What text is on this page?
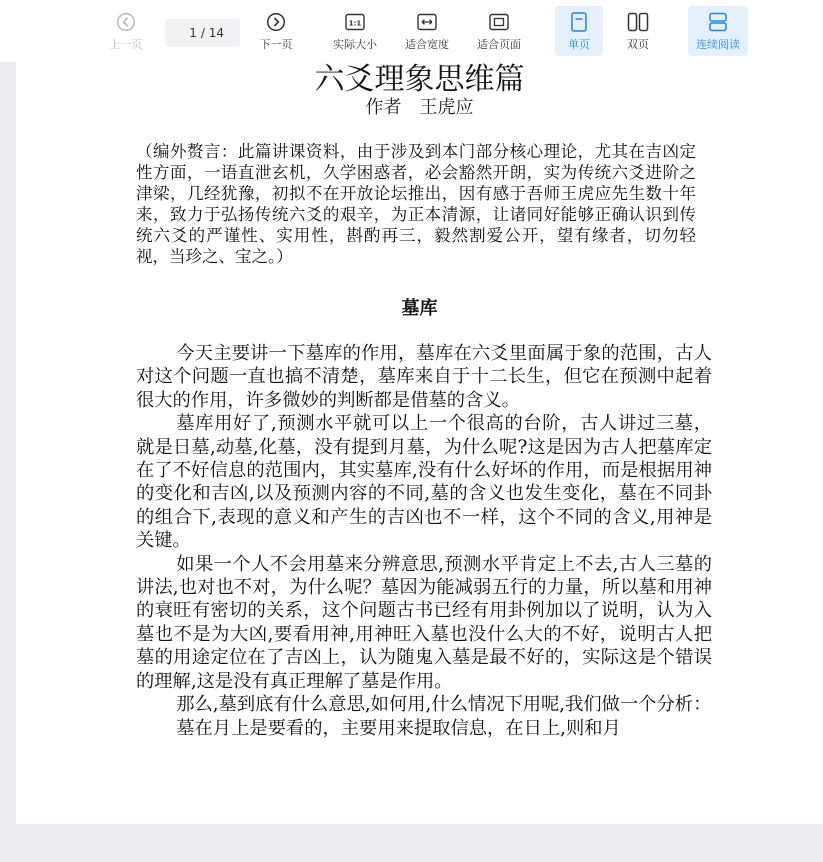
上一页
1
/ 14
下一页
1:1
实际大小	适合宽度	适合页面	单页	双页	连续阅读
六爻理象思维篇
作者　王虎应

（编外赘言：此篇讲课资料，由于涉及到本门部分核心理论，尤其在吉凶定性方面，一语直泄玄机，久学困惑者，必会豁然开朗，实为传统六爻进阶之津梁，几经犹豫，初拟不在开放论坛推出，因有感于吾师王虎应先生数十年来，致力于弘扬传统六爻的艰辛，为正本清源，让诸同好能够正确认识到传统六爻的严谨性、实用性，斟酌再三，毅然割爱公开，望有缘者，切勿轻视，当珍之、宝之。）

墓库

今天主要讲一下墓库的作用，墓库在六爻里面属于象的范围，古人对这个问题一直也搞不清楚，墓库来自于十二长生，但它在预测中起着很大的作用，许多微妙的判断都是借墓的含义。

墓库用好了,预测水平就可以上一个很高的台阶，古人讲过三墓，就是日墓,动墓,化墓，没有提到月墓，为什么呢?这是因为古人把墓库定在了不好信息的范围内，其实墓库,没有什么好坏的作用，而是根据用神的变化和吉凶,以及预测内容的不同,墓的含义也发生变化，墓在不同卦的组合下,表现的意义和产生的吉凶也不一样，这个不同的含义,用神是关键。

如果一个人不会用墓来分辨意思,预测水平肯定上不去,古人三墓的讲法,也对也不对，为什么呢？墓因为能减弱五行的力量，所以墓和用神的衰旺有密切的关系，这个问题古书已经有用卦例加以了说明，认为入墓也不是为大凶,要看用神,用神旺入墓也没什么大的不好，说明古人把墓的用途定位在了吉凶上，认为随鬼入墓是最不好的，实际这是个错误的理解,这是没有真正理解了墓是作用。

那么,墓到底有什么意思,如何用,什么情况下用呢,我们做一个分析：

墓在月上是要看的，主要用来提取信息，在日上,则和月
